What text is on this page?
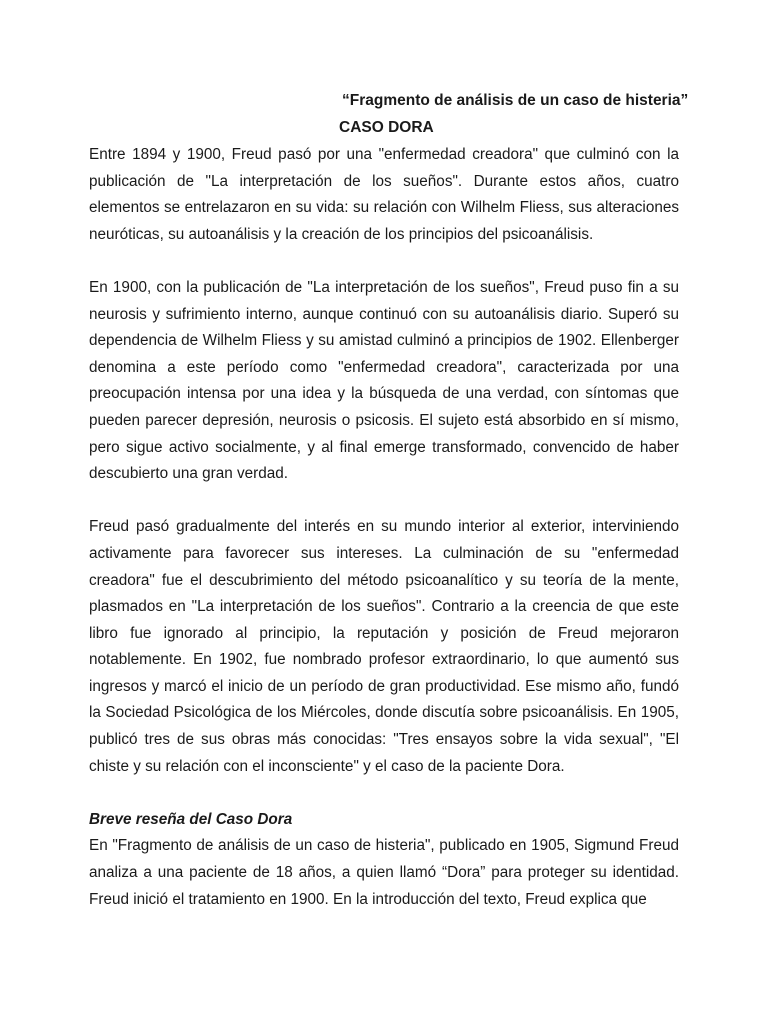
“Fragmento de análisis de un caso de histeria”
CASO DORA

Entre 1894 y 1900, Freud pasó por una "enfermedad creadora" que culminó con la publicación de "La interpretación de los sueños". Durante estos años, cuatro elementos se entrelazaron en su vida: su relación con Wilhelm Fliess, sus alteraciones neuróticas, su autoanálisis y la creación de los principios del psicoanálisis.

En 1900, con la publicación de "La interpretación de los sueños", Freud puso fin a su neurosis y sufrimiento interno, aunque continuó con su autoanálisis diario. Superó su dependencia de Wilhelm Fliess y su amistad culminó a principios de 1902. Ellenberger denomina a este período como "enfermedad creadora", caracterizada por una preocupación intensa por una idea y la búsqueda de una verdad, con síntomas que pueden parecer depresión, neurosis o psicosis. El sujeto está absorbido en sí mismo, pero sigue activo socialmente, y al final emerge transformado, convencido de haber descubierto una gran verdad.

Freud pasó gradualmente del interés en su mundo interior al exterior, interviniendo activamente para favorecer sus intereses. La culminación de su "enfermedad creadora" fue el descubrimiento del método psicoanalítico y su teoría de la mente, plasmados en "La interpretación de los sueños". Contrario a la creencia de que este libro fue ignorado al principio, la reputación y posición de Freud mejoraron notablemente. En 1902, fue nombrado profesor extraordinario, lo que aumentó sus ingresos y marcó el inicio de un período de gran productividad. Ese mismo año, fundó la Sociedad Psicológica de los Miércoles, donde discutía sobre psicoanálisis. En 1905, publicó tres de sus obras más conocidas: "Tres ensayos sobre la vida sexual", "El chiste y su relación con el inconsciente" y el caso de la paciente Dora.

Breve reseña del Caso Dora

En "Fragmento de análisis de un caso de histeria", publicado en 1905, Sigmund Freud analiza a una paciente de 18 años, a quien llamó “Dora” para proteger su identidad. Freud inició el tratamiento en 1900. En la introducción del texto, Freud explica que
